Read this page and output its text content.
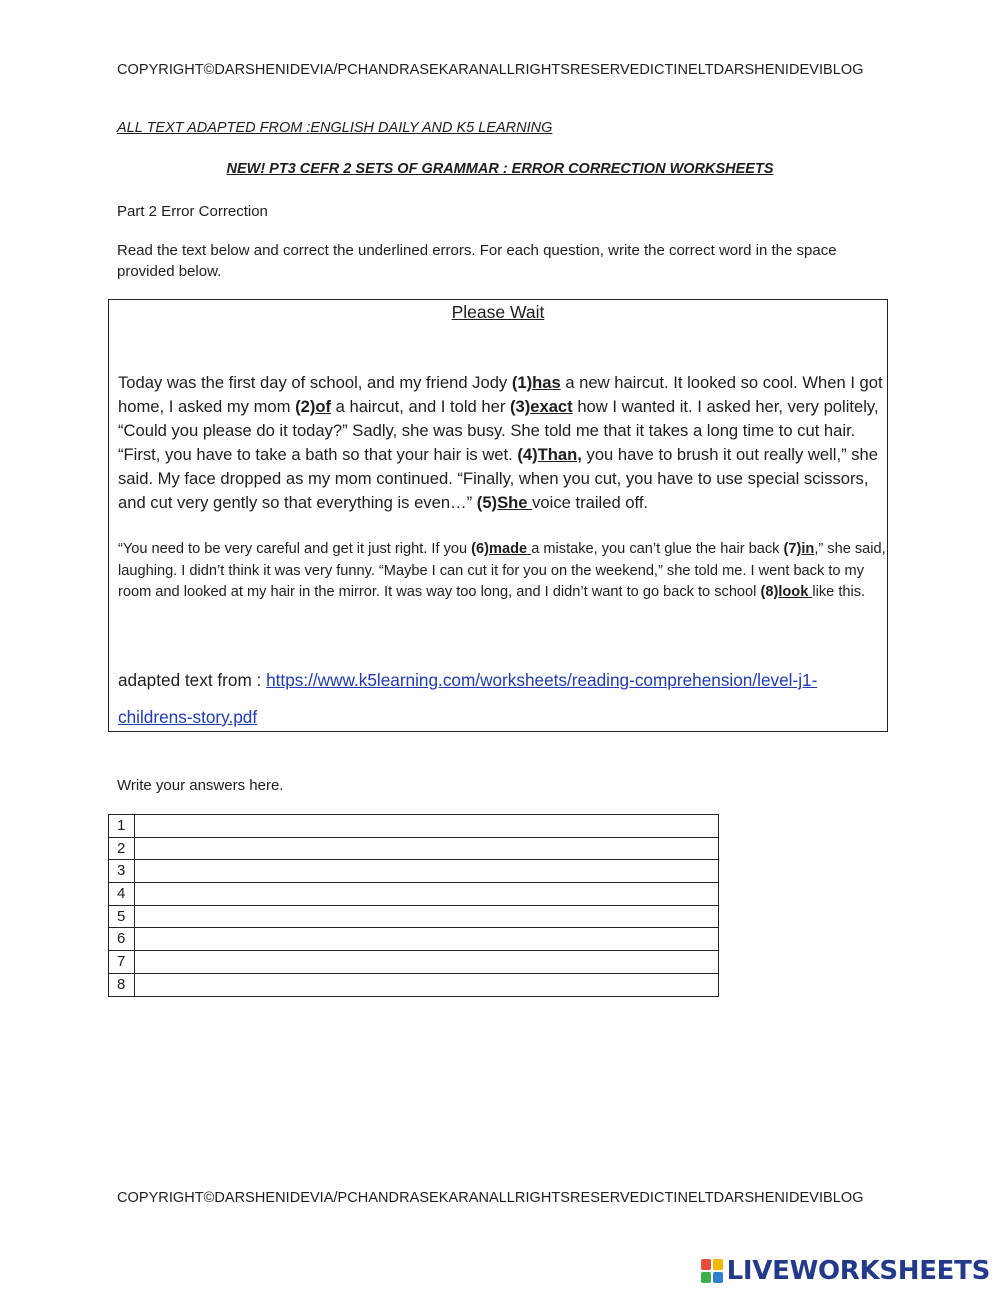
COPYRIGHT©DARSHENIDEVIA/PCHANDRASEKARANALLRIGHTSRESERVEDICTINELTDARSHENIDEVIBLOG
ALL TEXT ADAPTED FROM :ENGLISH DAILY AND K5 LEARNING
NEW! PT3 CEFR 2 SETS OF GRAMMAR : ERROR CORRECTION WORKSHEETS
Part 2 Error Correction
Read the text below and correct the underlined errors. For each question, write the correct word in the space provided below.
Please Wait
Today was the first day of school, and my friend Jody (1)has a new haircut. It looked so cool. When I got home, I asked my mom (2)of a haircut, and I told her (3)exact how I wanted it. I asked her, very politely, “Could you please do it today?” Sadly, she was busy. She told me that it takes a long time to cut hair. “First, you have to take a bath so that your hair is wet. (4)Than, you have to brush it out really well,” she said. My face dropped as my mom continued. “Finally, when you cut, you have to use special scissors, and cut very gently so that everything is even…” (5)She voice trailed off.
“You need to be very careful and get it just right. If you (6)made a mistake, you can’t glue the hair back (7)in,” she said, laughing. I didn’t think it was very funny. “Maybe I can cut it for you on the weekend,” she told me. I went back to my room and looked at my hair in the mirror. It was way too long, and I didn’t want to go back to school (8)look like this.
adapted text from : https://www.k5learning.com/worksheets/reading-comprehension/level-j1-childrens-story.pdf
Write your answers here.
1	
2	
3	
4	
5	
6	
7	
8	
COPYRIGHT©DARSHENIDEVIA/PCHANDRASEKARANALLRIGHTSRESERVEDICTINELTDARSHENIDEVIBLOG
LIVEWORKSHEETS
